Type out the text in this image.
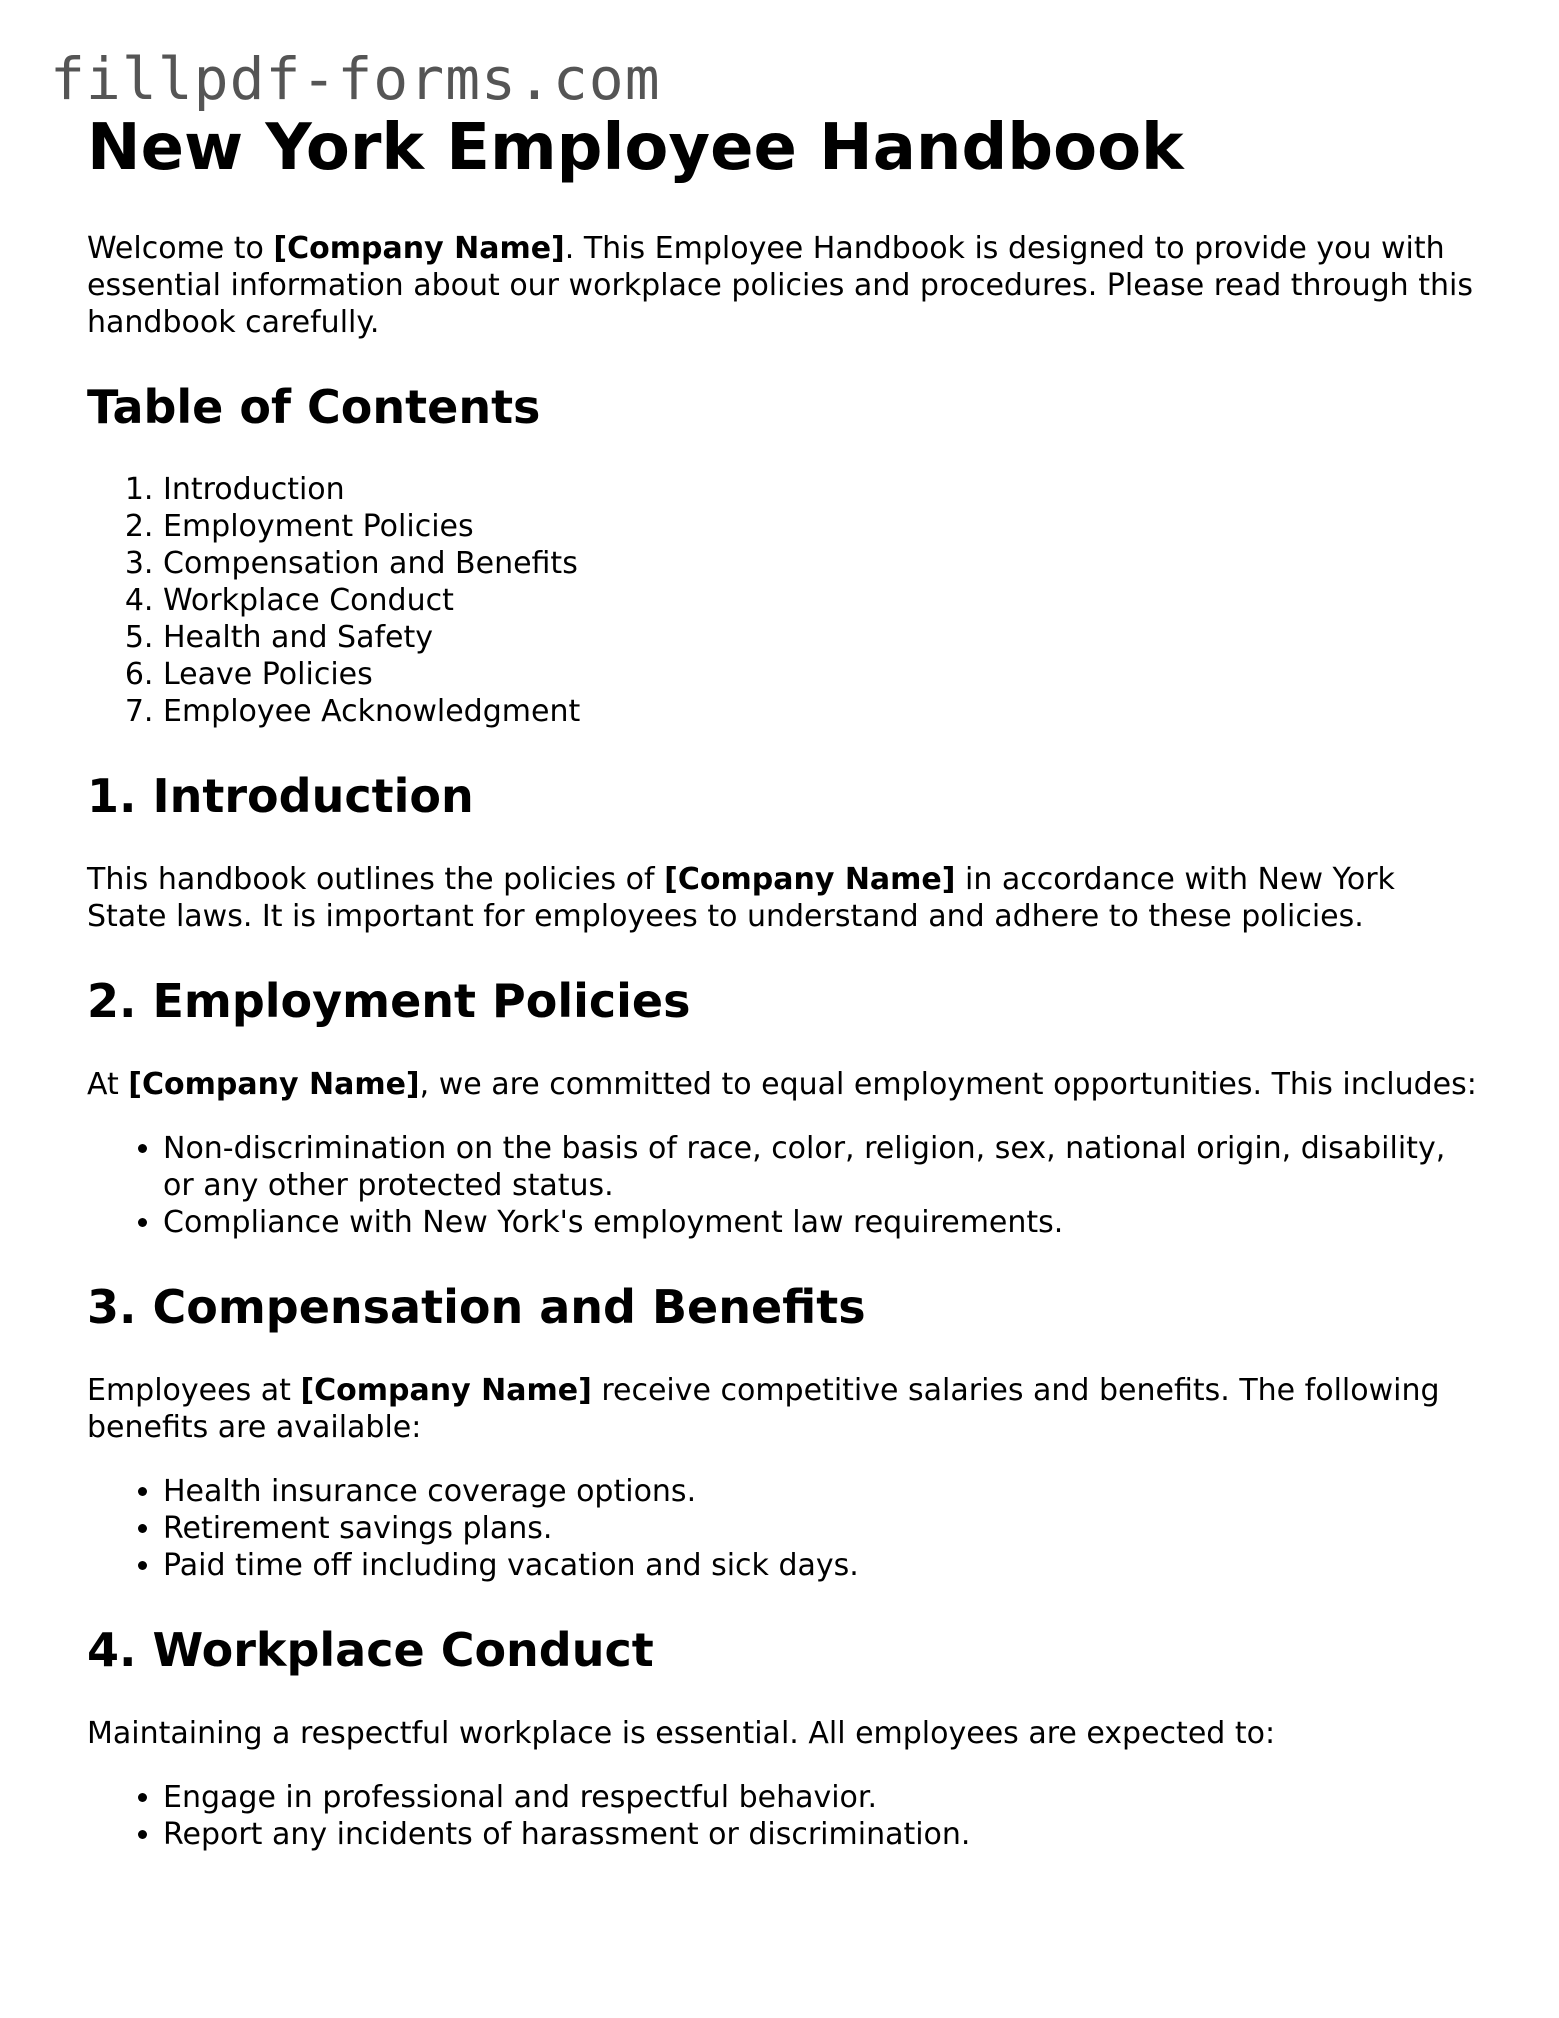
fillpdf-forms.com
New York Employee Handbook

Welcome to [Company Name]. This Employee Handbook is designed to provide you with essential information about our workplace policies and procedures. Please read through this handbook carefully.

Table of Contents
1. Introduction
2. Employment Policies
3. Compensation and Benefits
4. Workplace Conduct
5. Health and Safety
6. Leave Policies
7. Employee Acknowledgment
1. Introduction

This handbook outlines the policies of [Company Name] in accordance with New York State laws. It is important for employees to understand and adhere to these policies.

2. Employment Policies

At [Company Name], we are committed to equal employment opportunities. This includes:

• Non-discrimination on the basis of race, color, religion, sex, national origin, disability, or any other protected status.
• Compliance with New York's employment law requirements.
3. Compensation and Benefits

Employees at [Company Name] receive competitive salaries and benefits. The following benefits are available:

• Health insurance coverage options.
• Retirement savings plans.
• Paid time off including vacation and sick days.
4. Workplace Conduct

Maintaining a respectful workplace is essential. All employees are expected to:

• Engage in professional and respectful behavior.
• Report any incidents of harassment or discrimination.
